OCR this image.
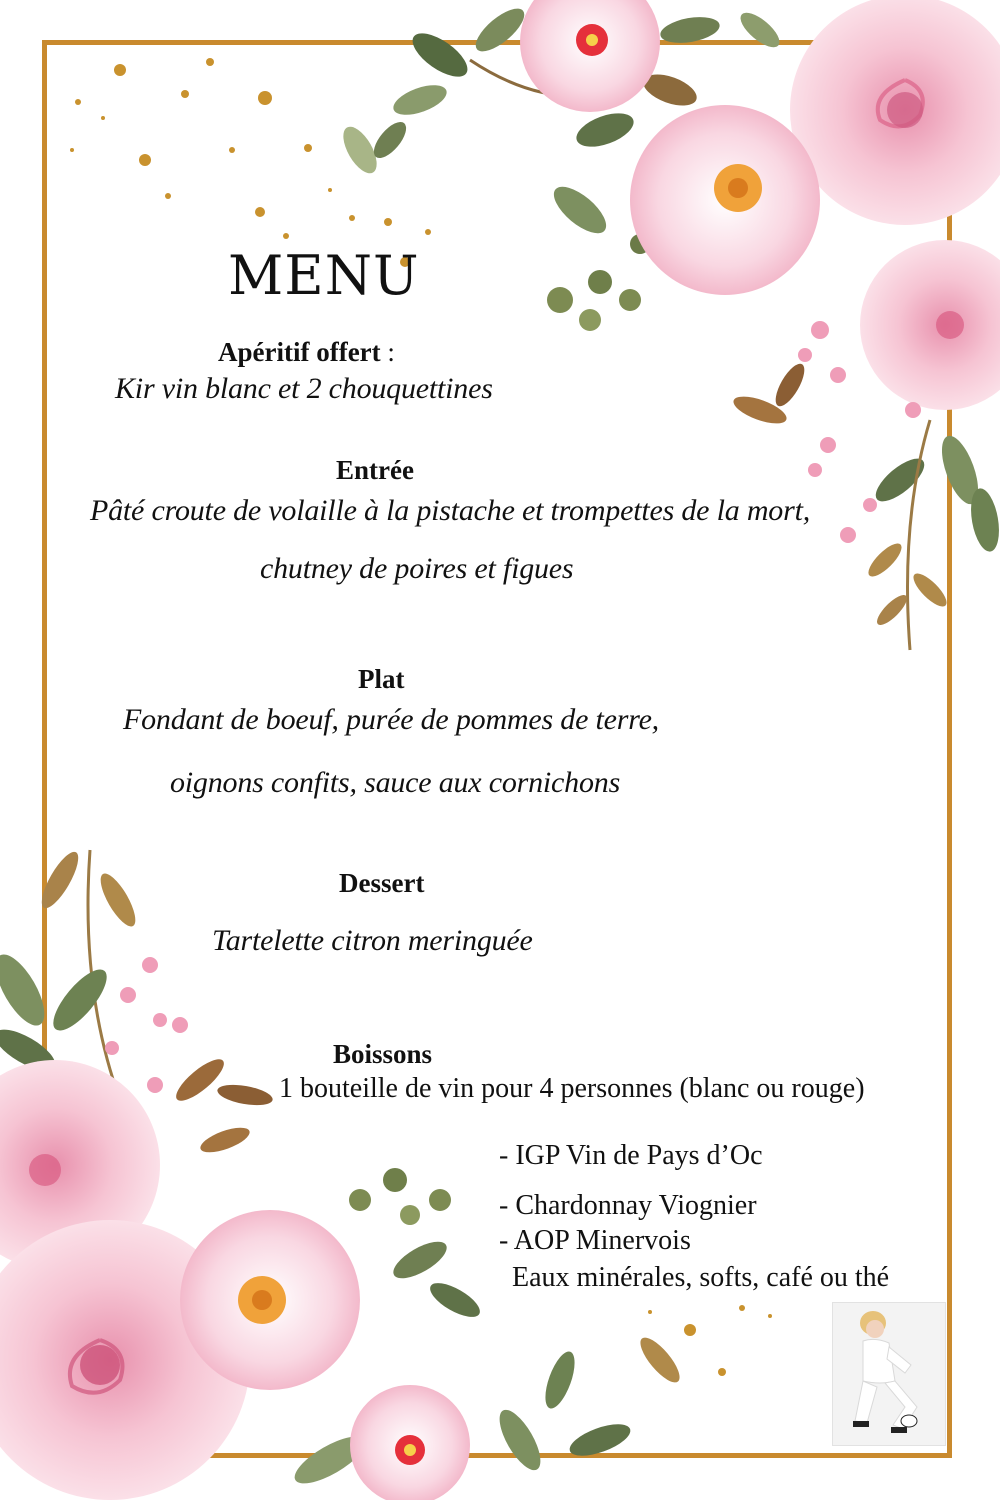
MENU
Apéritif offert :
Kir vin blanc et 2 chouquettines
Entrée
Pâté croute de volaille à la pistache et trompettes de la mort,
chutney de poires et figues
Plat
Fondant de boeuf, purée de pommes de terre,
oignons confits, sauce aux cornichons
Dessert
Tartelette citron meringuée
Boissons
1 bouteille de vin pour 4 personnes (blanc ou rouge)
- IGP Vin de Pays d’Oc
- Chardonnay Viognier
- AOP Minervois
Eaux minérales, softs, café ou thé
